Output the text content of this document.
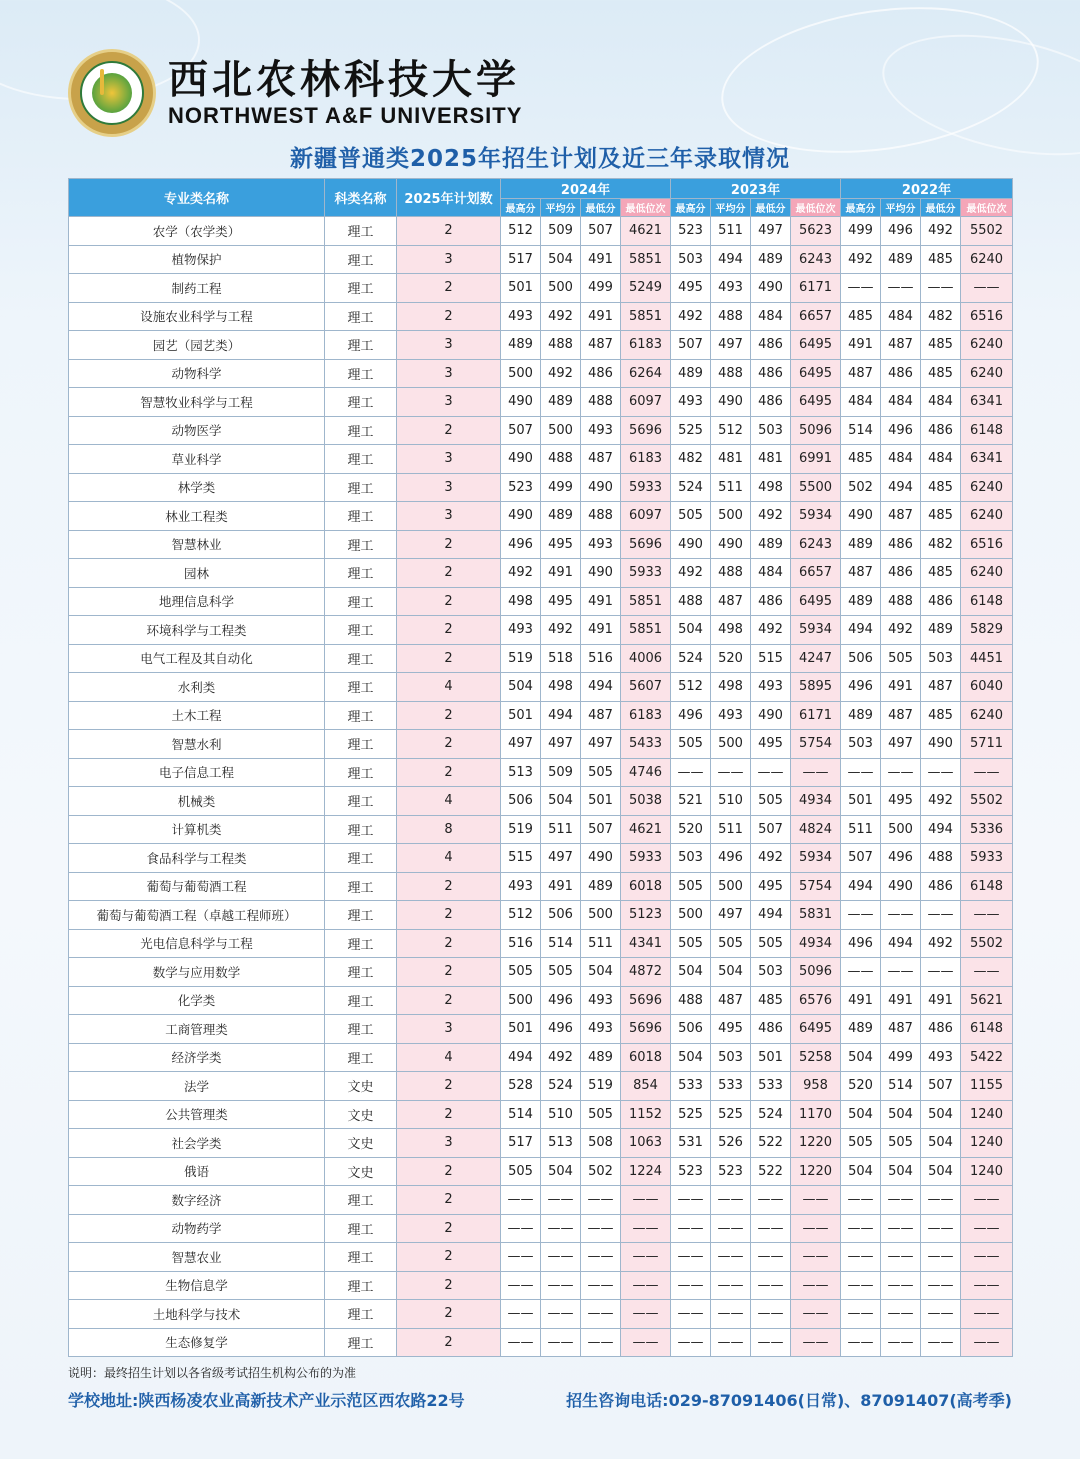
西北农林科技大学
NORTHWEST A&F UNIVERSITY
新疆普通类2025年招生计划及近三年录取情况
专业类名称	科类名称	2025年计划数	2024年				2023年				2022年			
			最高分	平均分	最低分	最低位次	最高分	平均分	最低分	最低位次	最高分	平均分	最低分	最低位次
农学（农学类）	理工	2	512	509	507	4621	523	511	497	5623	499	496	492	5502
植物保护	理工	3	517	504	491	5851	503	494	489	6243	492	489	485	6240
制药工程	理工	2	501	500	499	5249	495	493	490	6171	——	——	——	——
设施农业科学与工程	理工	2	493	492	491	5851	492	488	484	6657	485	484	482	6516
园艺（园艺类）	理工	3	489	488	487	6183	507	497	486	6495	491	487	485	6240
动物科学	理工	3	500	492	486	6264	489	488	486	6495	487	486	485	6240
智慧牧业科学与工程	理工	3	490	489	488	6097	493	490	486	6495	484	484	484	6341
动物医学	理工	2	507	500	493	5696	525	512	503	5096	514	496	486	6148
草业科学	理工	3	490	488	487	6183	482	481	481	6991	485	484	484	6341
林学类	理工	3	523	499	490	5933	524	511	498	5500	502	494	485	6240
林业工程类	理工	3	490	489	488	6097	505	500	492	5934	490	487	485	6240
智慧林业	理工	2	496	495	493	5696	490	490	489	6243	489	486	482	6516
园林	理工	2	492	491	490	5933	492	488	484	6657	487	486	485	6240
地理信息科学	理工	2	498	495	491	5851	488	487	486	6495	489	488	486	6148
环境科学与工程类	理工	2	493	492	491	5851	504	498	492	5934	494	492	489	5829
电气工程及其自动化	理工	2	519	518	516	4006	524	520	515	4247	506	505	503	4451
水利类	理工	4	504	498	494	5607	512	498	493	5895	496	491	487	6040
土木工程	理工	2	501	494	487	6183	496	493	490	6171	489	487	485	6240
智慧水利	理工	2	497	497	497	5433	505	500	495	5754	503	497	490	5711
电子信息工程	理工	2	513	509	505	4746	——	——	——	——	——	——	——	——
机械类	理工	4	506	504	501	5038	521	510	505	4934	501	495	492	5502
计算机类	理工	8	519	511	507	4621	520	511	507	4824	511	500	494	5336
食品科学与工程类	理工	4	515	497	490	5933	503	496	492	5934	507	496	488	5933
葡萄与葡萄酒工程	理工	2	493	491	489	6018	505	500	495	5754	494	490	486	6148
葡萄与葡萄酒工程（卓越工程师班）	理工	2	512	506	500	5123	500	497	494	5831	——	——	——	——
光电信息科学与工程	理工	2	516	514	511	4341	505	505	505	4934	496	494	492	5502
数学与应用数学	理工	2	505	505	504	4872	504	504	503	5096	——	——	——	——
化学类	理工	2	500	496	493	5696	488	487	485	6576	491	491	491	5621
工商管理类	理工	3	501	496	493	5696	506	495	486	6495	489	487	486	6148
经济学类	理工	4	494	492	489	6018	504	503	501	5258	504	499	493	5422
法学	文史	2	528	524	519	854	533	533	533	958	520	514	507	1155
公共管理类	文史	2	514	510	505	1152	525	525	524	1170	504	504	504	1240
社会学类	文史	3	517	513	508	1063	531	526	522	1220	505	505	504	1240
俄语	文史	2	505	504	502	1224	523	523	522	1220	504	504	504	1240
数字经济	理工	2	——	——	——	——	——	——	——	——	——	——	——	——
动物药学	理工	2	——	——	——	——	——	——	——	——	——	——	——	——
智慧农业	理工	2	——	——	——	——	——	——	——	——	——	——	——	——
生物信息学	理工	2	——	——	——	——	——	——	——	——	——	——	——	——
土地科学与技术	理工	2	——	——	——	——	——	——	——	——	——	——	——	——
生态修复学	理工	2	——	——	——	——	——	——	——	——	——	——	——	——
说明：最终招生计划以各省级考试招生机构公布的为准
学校地址:陕西杨凌农业高新技术产业示范区西农路22号	招生咨询电话:029-87091406(日常)、87091407(高考季)
